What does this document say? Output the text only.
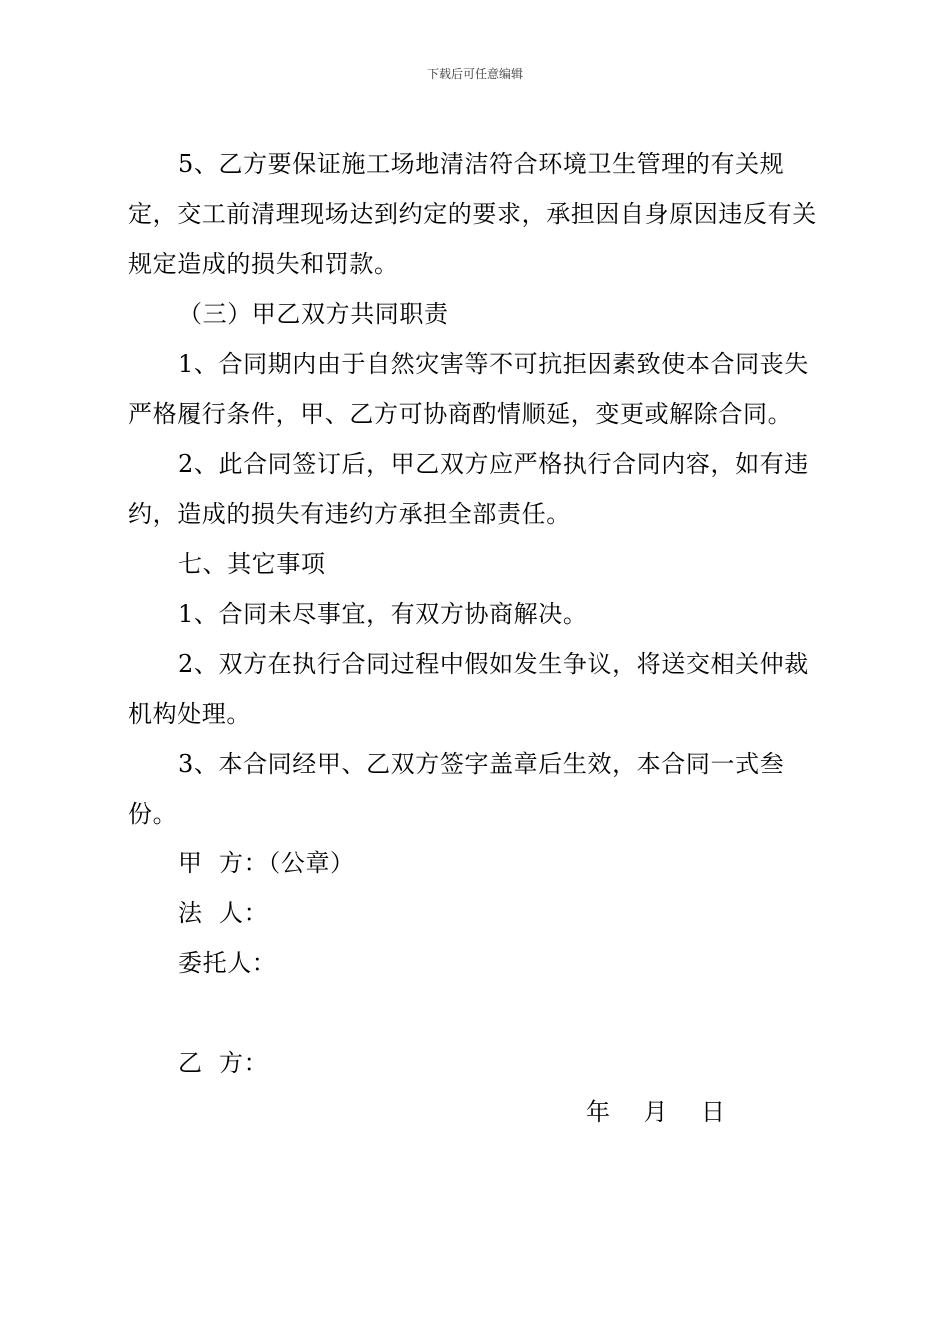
下载后可任意编辑

5、乙方要保证施工场地清洁符合环境卫生管理的有关规定，交工前清理现场达到约定的要求，承担因自身原因违反有关规定造成的损失和罚款。

（三）甲乙双方共同职责

1、合同期内由于自然灾害等不可抗拒因素致使本合同丧失严格履行条件，甲、乙方可协商酌情顺延，变更或解除合同。

2、此合同签订后，甲乙双方应严格执行合同内容，如有违约，造成的损失有违约方承担全部责任。

七、其它事项

1、合同未尽事宜，有双方协商解决。

2、双方在执行合同过程中假如发生争议，将送交相关仲裁机构处理。

3、本合同经甲、乙双方签字盖章后生效，本合同一式叁份。

甲  方：（公章）
法  人：
委托人：
乙  方：
年    月    日
